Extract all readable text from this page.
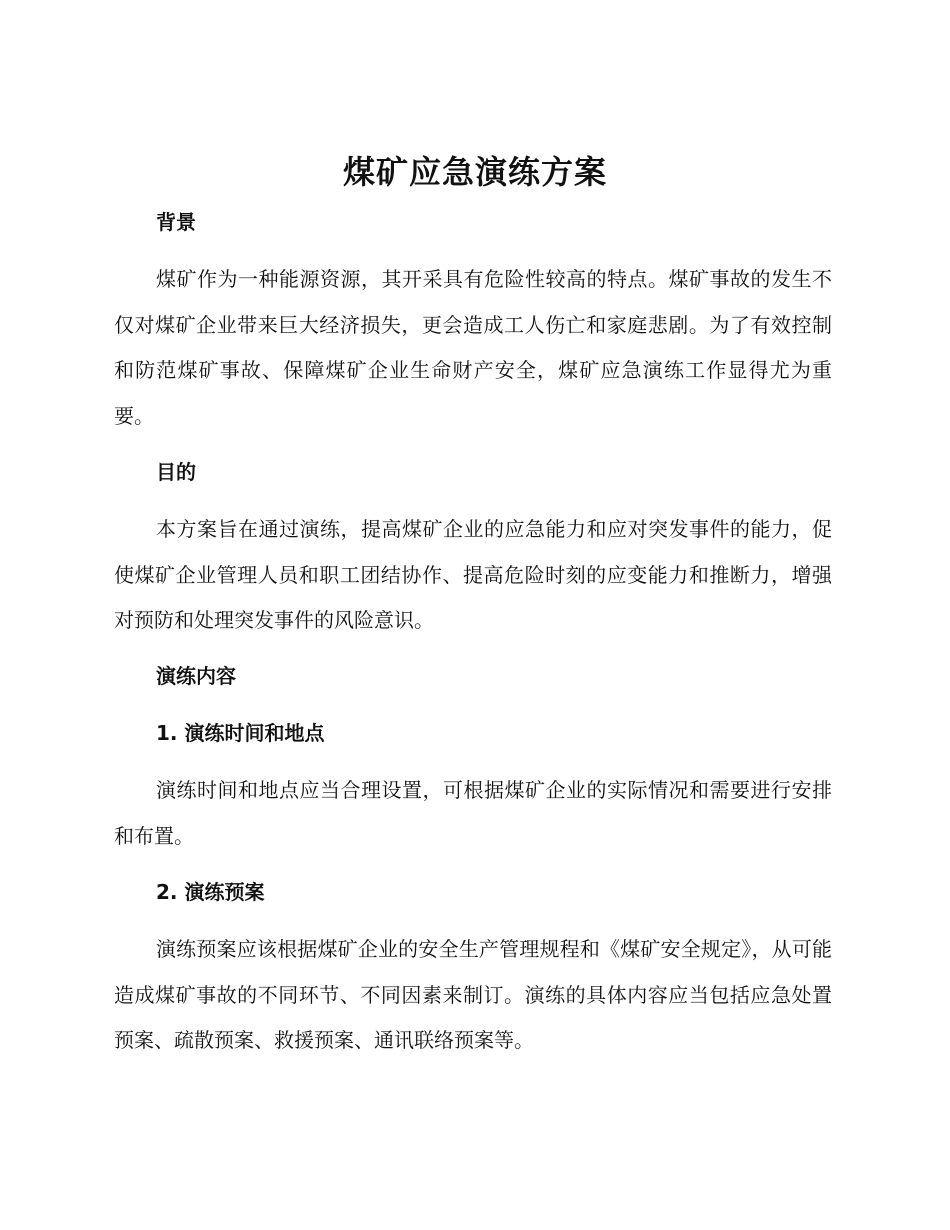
煤矿应急演练方案
背景

煤矿作为一种能源资源，其开采具有危险性较高的特点。煤矿事故的发生不仅对煤矿企业带来巨大经济损失，更会造成工人伤亡和家庭悲剧。为了有效控制和防范煤矿事故、保障煤矿企业生命财产安全，煤矿应急演练工作显得尤为重要。

目的

本方案旨在通过演练，提高煤矿企业的应急能力和应对突发事件的能力，促使煤矿企业管理人员和职工团结协作、提高危险时刻的应变能力和推断力，增强对预防和处理突发事件的风险意识。

演练内容
1. 演练时间和地点

演练时间和地点应当合理设置，可根据煤矿企业的实际情况和需要进行安排和布置。

2. 演练预案

演练预案应该根据煤矿企业的安全生产管理规程和《煤矿安全规定》，从可能造成煤矿事故的不同环节、不同因素来制订。演练的具体内容应当包括应急处置预案、疏散预案、救援预案、通讯联络预案等。
